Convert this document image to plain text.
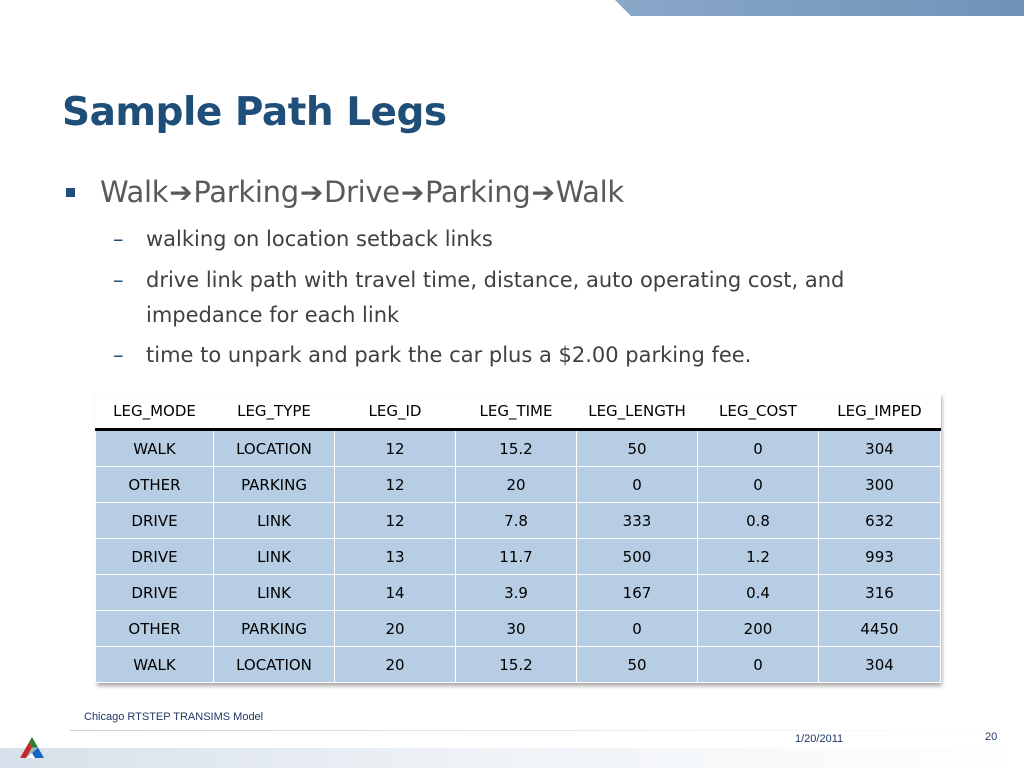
Sample Path Legs
Walk➔Parking➔Drive➔Parking➔Walk
– walking on location setback links
– drive link path with travel time, distance, auto operating cost, and impedance for each link
– time to unpark and park the car plus a $2.00 parking fee.
LEG_MODE	LEG_TYPE	LEG_ID	LEG_TIME	LEG_LENGTH	LEG_COST	LEG_IMPED
WALK	LOCATION	12	15.2	50	0	304
OTHER	PARKING	12	20	0	0	300
DRIVE	LINK	12	7.8	333	0.8	632
DRIVE	LINK	13	11.7	500	1.2	993
DRIVE	LINK	14	3.9	167	0.4	316
OTHER	PARKING	20	30	0	200	4450
WALK	LOCATION	20	15.2	50	0	304
Chicago RTSTEP TRANSIMS Model
1/20/2011	20
